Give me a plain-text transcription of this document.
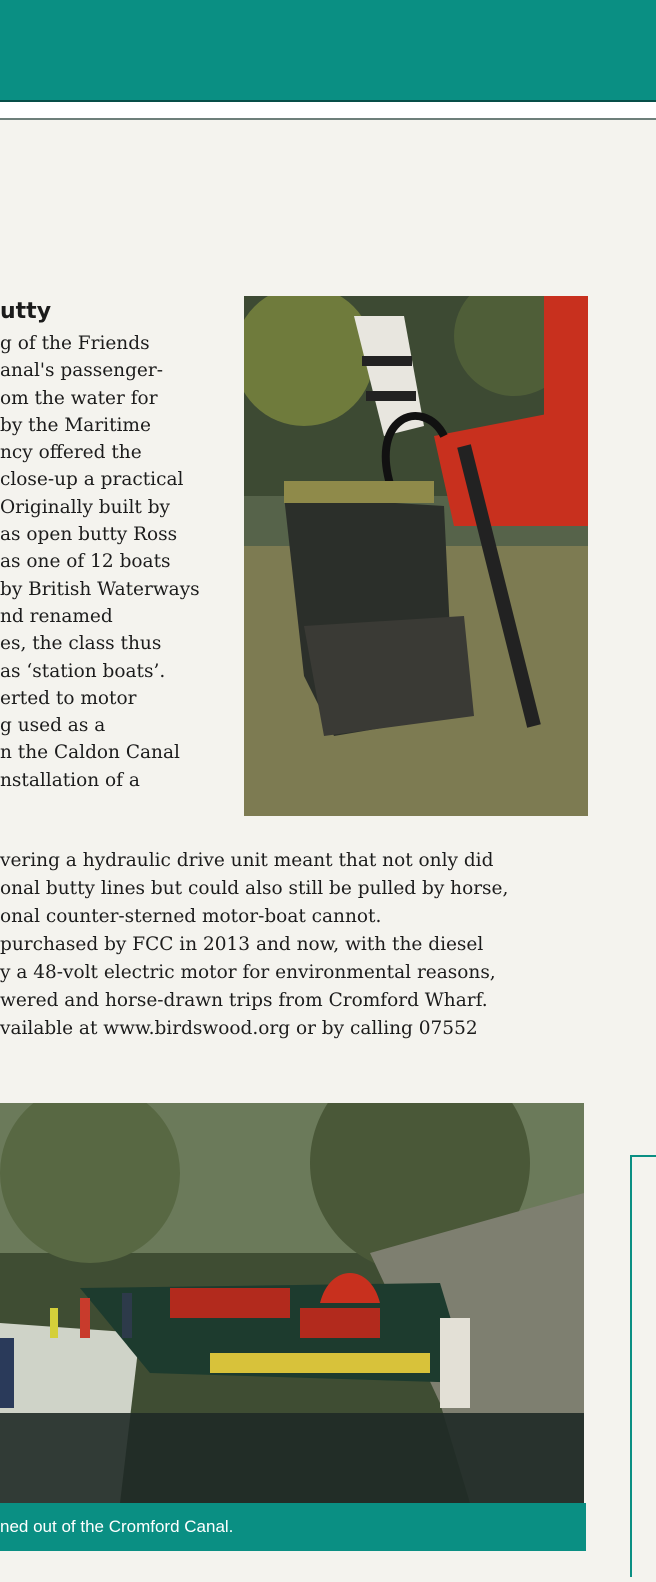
utty
g of the Friends
anal's passenger-
om the water for
by the Maritime
ncy offered the
close-up a practical
Originally built by
as open butty Ross
as one of 12 boats
by British Waterways
nd renamed
es, the class thus
as ‘station boats’.
erted to motor
g used as a
n the Caldon Canal
nstallation of a
vering a hydraulic drive unit meant that not only did
onal butty lines but could also still be pulled by horse,
onal counter-sterned motor-boat cannot.
purchased by FCC in 2013 and now, with the diesel
y a 48-volt electric motor for environmental reasons,
wered and horse-drawn trips from Cromford Wharf.
vailable at www.birdswood.org or by calling 07552
ned out of the Cromford Canal.
